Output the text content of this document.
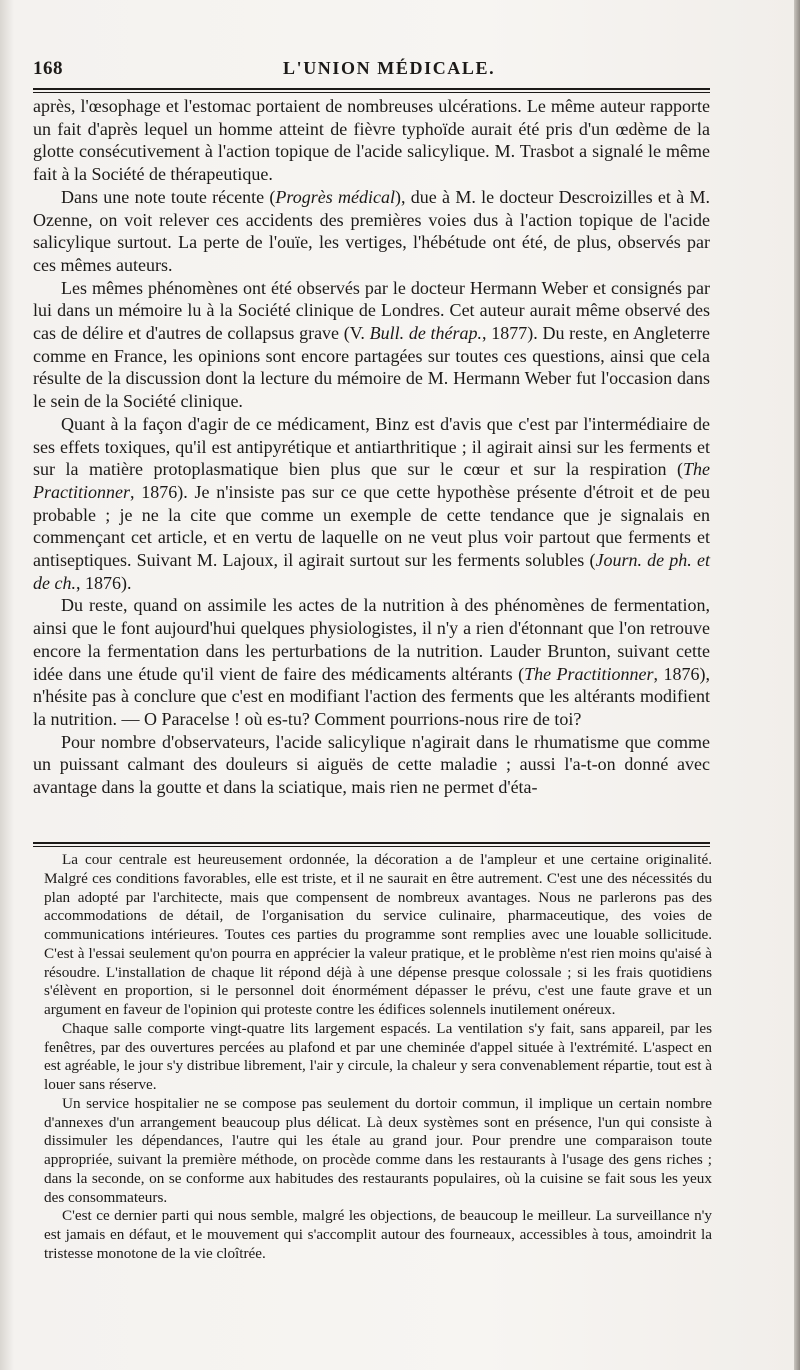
168	L'UNION MÉDICALE.

après, l'œsophage et l'estomac portaient de nombreuses ulcérations. Le même auteur rapporte un fait d'après lequel un homme atteint de fièvre typhoïde aurait été pris d'un œdème de la glotte consécutivement à l'action topique de l'acide salicylique. M. Trasbot a signalé le même fait à la Société de thérapeutique.

Dans une note toute récente (Progrès médical), due à M. le docteur Descroizilles et à M. Ozenne, on voit relever ces accidents des premières voies dus à l'action topique de l'acide salicylique surtout. La perte de l'ouïe, les vertiges, l'hébétude ont été, de plus, observés par ces mêmes auteurs.

Les mêmes phénomènes ont été observés par le docteur Hermann Weber et consignés par lui dans un mémoire lu à la Société clinique de Londres. Cet auteur aurait même observé des cas de délire et d'autres de collapsus grave (V. Bull. de thérap., 1877). Du reste, en Angleterre comme en France, les opinions sont encore partagées sur toutes ces questions, ainsi que cela résulte de la discussion dont la lecture du mémoire de M. Hermann Weber fut l'occasion dans le sein de la Société clinique.

Quant à la façon d'agir de ce médicament, Binz est d'avis que c'est par l'intermédiaire de ses effets toxiques, qu'il est antipyrétique et antiarthritique ; il agirait ainsi sur les ferments et sur la matière protoplasmatique bien plus que sur le cœur et sur la respiration (The Practitionner, 1876). Je n'insiste pas sur ce que cette hypothèse présente d'étroit et de peu probable ; je ne la cite que comme un exemple de cette tendance que je signalais en commençant cet article, et en vertu de laquelle on ne veut plus voir partout que ferments et antiseptiques. Suivant M. Lajoux, il agirait surtout sur les ferments solubles (Journ. de ph. et de ch., 1876).

Du reste, quand on assimile les actes de la nutrition à des phénomènes de fermentation, ainsi que le font aujourd'hui quelques physiologistes, il n'y a rien d'étonnant que l'on retrouve encore la fermentation dans les perturbations de la nutrition. Lauder Brunton, suivant cette idée dans une étude qu'il vient de faire des médicaments altérants (The Practitionner, 1876), n'hésite pas à conclure que c'est en modifiant l'action des ferments que les altérants modifient la nutrition. — O Paracelse ! où es-tu? Comment pourrions-nous rire de toi?

Pour nombre d'observateurs, l'acide salicylique n'agirait dans le rhumatisme que comme un puissant calmant des douleurs si aiguës de cette maladie ; aussi l'a-t-on donné avec avantage dans la goutte et dans la sciatique, mais rien ne permet d'éta-

La cour centrale est heureusement ordonnée, la décoration a de l'ampleur et une certaine originalité. Malgré ces conditions favorables, elle est triste, et il ne saurait en être autrement. C'est une des nécessités du plan adopté par l'architecte, mais que compensent de nombreux avantages. Nous ne parlerons pas des accommodations de détail, de l'organisation du service culinaire, pharmaceutique, des voies de communications intérieures. Toutes ces parties du programme sont remplies avec une louable sollicitude. C'est à l'essai seulement qu'on pourra en apprécier la valeur pratique, et le problème n'est rien moins qu'aisé à résoudre. L'installation de chaque lit répond déjà à une dépense presque colossale ; si les frais quotidiens s'élèvent en proportion, si le personnel doit énormément dépasser le prévu, c'est une faute grave et un argument en faveur de l'opinion qui proteste contre les édifices solennels inutilement onéreux.

Chaque salle comporte vingt-quatre lits largement espacés. La ventilation s'y fait, sans appareil, par les fenêtres, par des ouvertures percées au plafond et par une cheminée d'appel située à l'extrémité. L'aspect en est agréable, le jour s'y distribue librement, l'air y circule, la chaleur y sera convenablement répartie, tout est à louer sans réserve.

Un service hospitalier ne se compose pas seulement du dortoir commun, il implique un certain nombre d'annexes d'un arrangement beaucoup plus délicat. Là deux systèmes sont en présence, l'un qui consiste à dissimuler les dépendances, l'autre qui les étale au grand jour. Pour prendre une comparaison toute appropriée, suivant la première méthode, on procède comme dans les restaurants à l'usage des gens riches ; dans la seconde, on se conforme aux habitudes des restaurants populaires, où la cuisine se fait sous les yeux des consommateurs.

C'est ce dernier parti qui nous semble, malgré les objections, de beaucoup le meilleur. La surveillance n'y est jamais en défaut, et le mouvement qui s'accomplit autour des fourneaux, accessibles à tous, amoindrit la tristesse monotone de la vie cloîtrée.
